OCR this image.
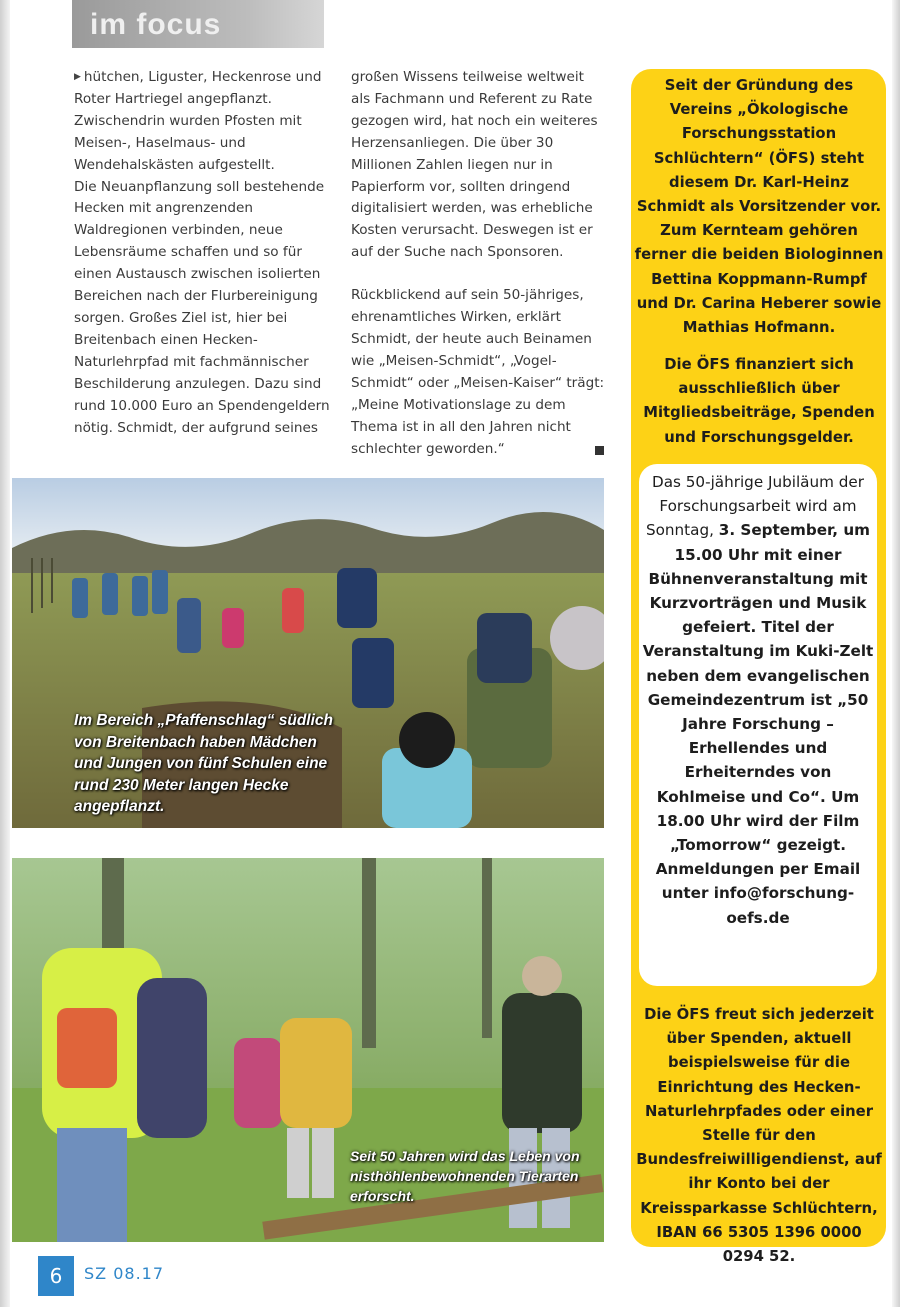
im focus

▶ hütchen, Liguster, Heckenrose und Roter Hartriegel angepflanzt. Zwischendrin wurden Pfosten mit Meisen-, Haselmaus- und Wendehalskästen aufgestellt.

Die Neuanpflanzung soll bestehende Hecken mit angrenzenden Waldregionen verbinden, neue Lebensräume schaffen und so für einen Austausch zwischen isolierten Bereichen nach der Flurbereinigung sorgen. Großes Ziel ist, hier bei Breitenbach einen Hecken-Naturlehrpfad mit fachmännischer Beschilderung anzulegen. Dazu sind rund 10.000 Euro an Spendengeldern nötig. Schmidt, der aufgrund seines

großen Wissens teilweise weltweit als Fachmann und Referent zu Rate gezogen wird, hat noch ein weiteres Herzensanliegen. Die über 30 Millionen Zahlen liegen nur in Papierform vor, sollten dringend digitalisiert werden, was erhebliche Kosten verursacht. Deswegen ist er auf der Suche nach Sponsoren.

Rückblickend auf sein 50-jähriges, ehrenamtliches Wirken, erklärt Schmidt, der heute auch Beinamen wie „Meisen-Schmidt“, „Vogel-Schmidt“ oder „Meisen-Kaiser“ trägt: „Meine Motivationslage zu dem Thema ist in all den Jahren nicht schlechter geworden.“

Im Bereich „Pfaffenschlag“ südlich von Breitenbach haben Mädchen und Jungen von fünf Schulen eine rund 230 Meter langen Hecke angepflanzt.
Seit 50 Jahren wird das Leben von nisthöhlenbewohnenden Tierarten erforscht.
Seit der Gründung des Vereins „Ökologische Forschungsstation Schlüchtern“ (ÖFS) steht diesem Dr. Karl-Heinz Schmidt als Vorsitzender vor. Zum Kernteam gehören ferner die beiden Biologinnen Bettina Koppmann-Rumpf und Dr. Carina Heberer sowie Mathias Hofmann.
Die ÖFS finanziert sich ausschließlich über Mitgliedsbeiträge, Spenden und Forschungsgelder.
Das 50-jährige Jubiläum der Forschungsarbeit wird am Sonntag, 3. September, um 15.00 Uhr mit einer Bühnenveranstaltung mit Kurzvorträgen und Musik gefeiert. Titel der Veranstaltung im Kuki-Zelt neben dem evangelischen Gemeindezentrum ist „50 Jahre Forschung – Erhellendes und Erheiterndes von Kohlmeise und Co“. Um 18.00 Uhr wird der Film „Tomorrow“ gezeigt. Anmeldungen per Email unter info@forschung-oefs.de
Die ÖFS freut sich jederzeit über Spenden, aktuell beispielsweise für die Einrichtung des Hecken-Naturlehrpfades oder einer Stelle für den Bundesfreiwilligendienst, auf ihr Konto bei der Kreissparkasse Schlüchtern, IBAN 66 5305 1396 0000 0294 52.
6	SZ 08.17
